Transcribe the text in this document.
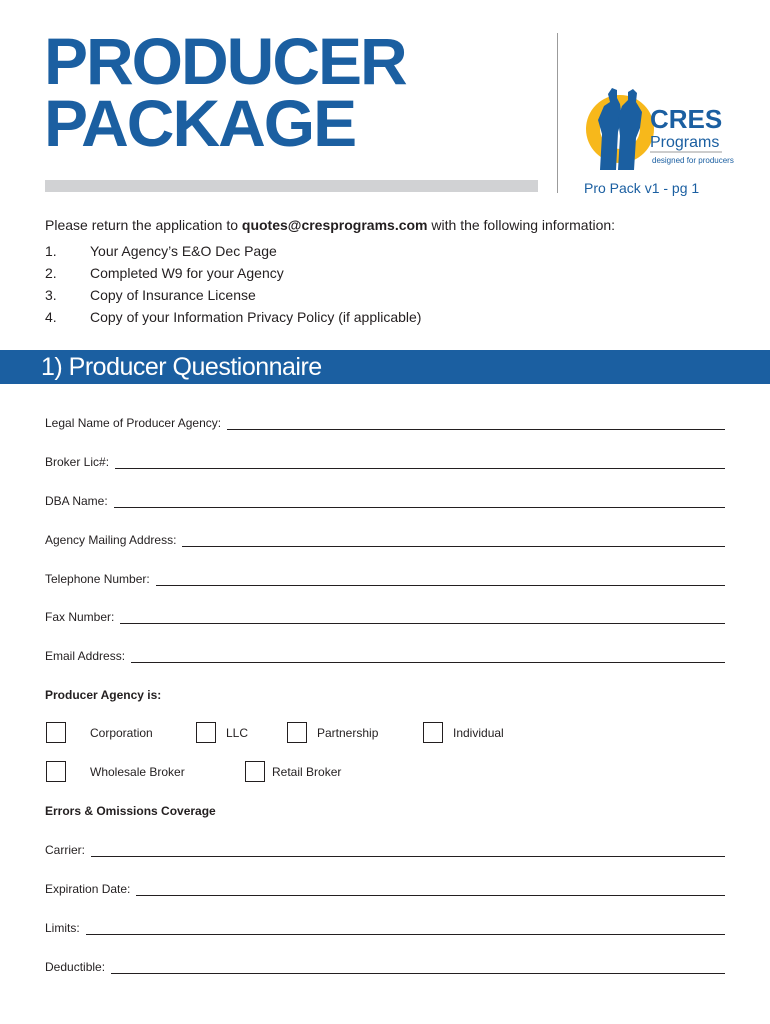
PRODUCER
PACKAGE	CRES
Programs
designed for producers
Pro Pack v1 - pg 1
Please return the application to quotes@cresprograms.com with the following information:
1. Your Agency’s E&O Dec Page
2. Completed W9 for your Agency
3. Copy of Insurance License
4. Copy of your Information Privacy Policy (if applicable)
1) Producer Questionnaire
Legal Name of Producer Agency:
Broker Lic#:
DBA Name:
Agency Mailing Address:
Telephone Number:
Fax Number:
Email Address:
Producer Agency is:
Corporation	LLC	Partnership	Individual
Wholesale Broker	Retail Broker
Errors & Omissions Coverage
Carrier:
Expiration Date:
Limits:
Deductible:
